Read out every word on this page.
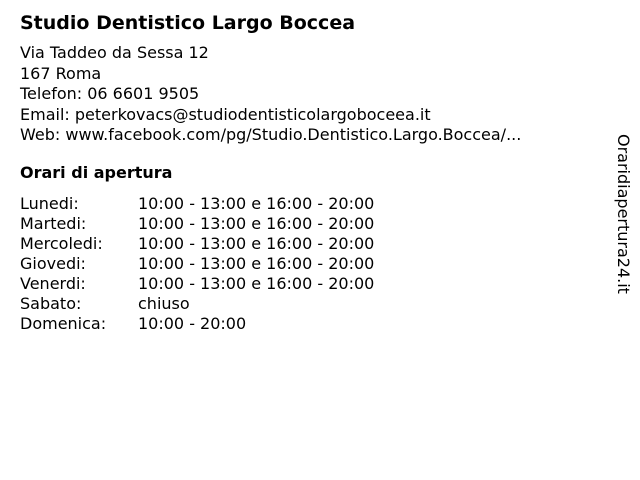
Studio Dentistico Largo Boccea
Via Taddeo da Sessa 12
167 Roma
Telefon: 06 6601 9505
Email: peterkovacs@studiodentisticolargoboceea.it
Web: www.facebook.com/pg/Studio.Dentistico.Largo.Boccea/...
Orari di apertura
Lunedi:	10:00 - 13:00 e 16:00 - 20:00
Martedi:	10:00 - 13:00 e 16:00 - 20:00
Mercoledi: 10:00 - 13:00 e 16:00 - 20:00
Giovedi:	10:00 - 13:00 e 16:00 - 20:00
Venerdi:	10:00 - 13:00 e 16:00 - 20:00
Sabato:	chiuso
Domenica: 10:00 - 20:00
Oraridiapertura24.it
